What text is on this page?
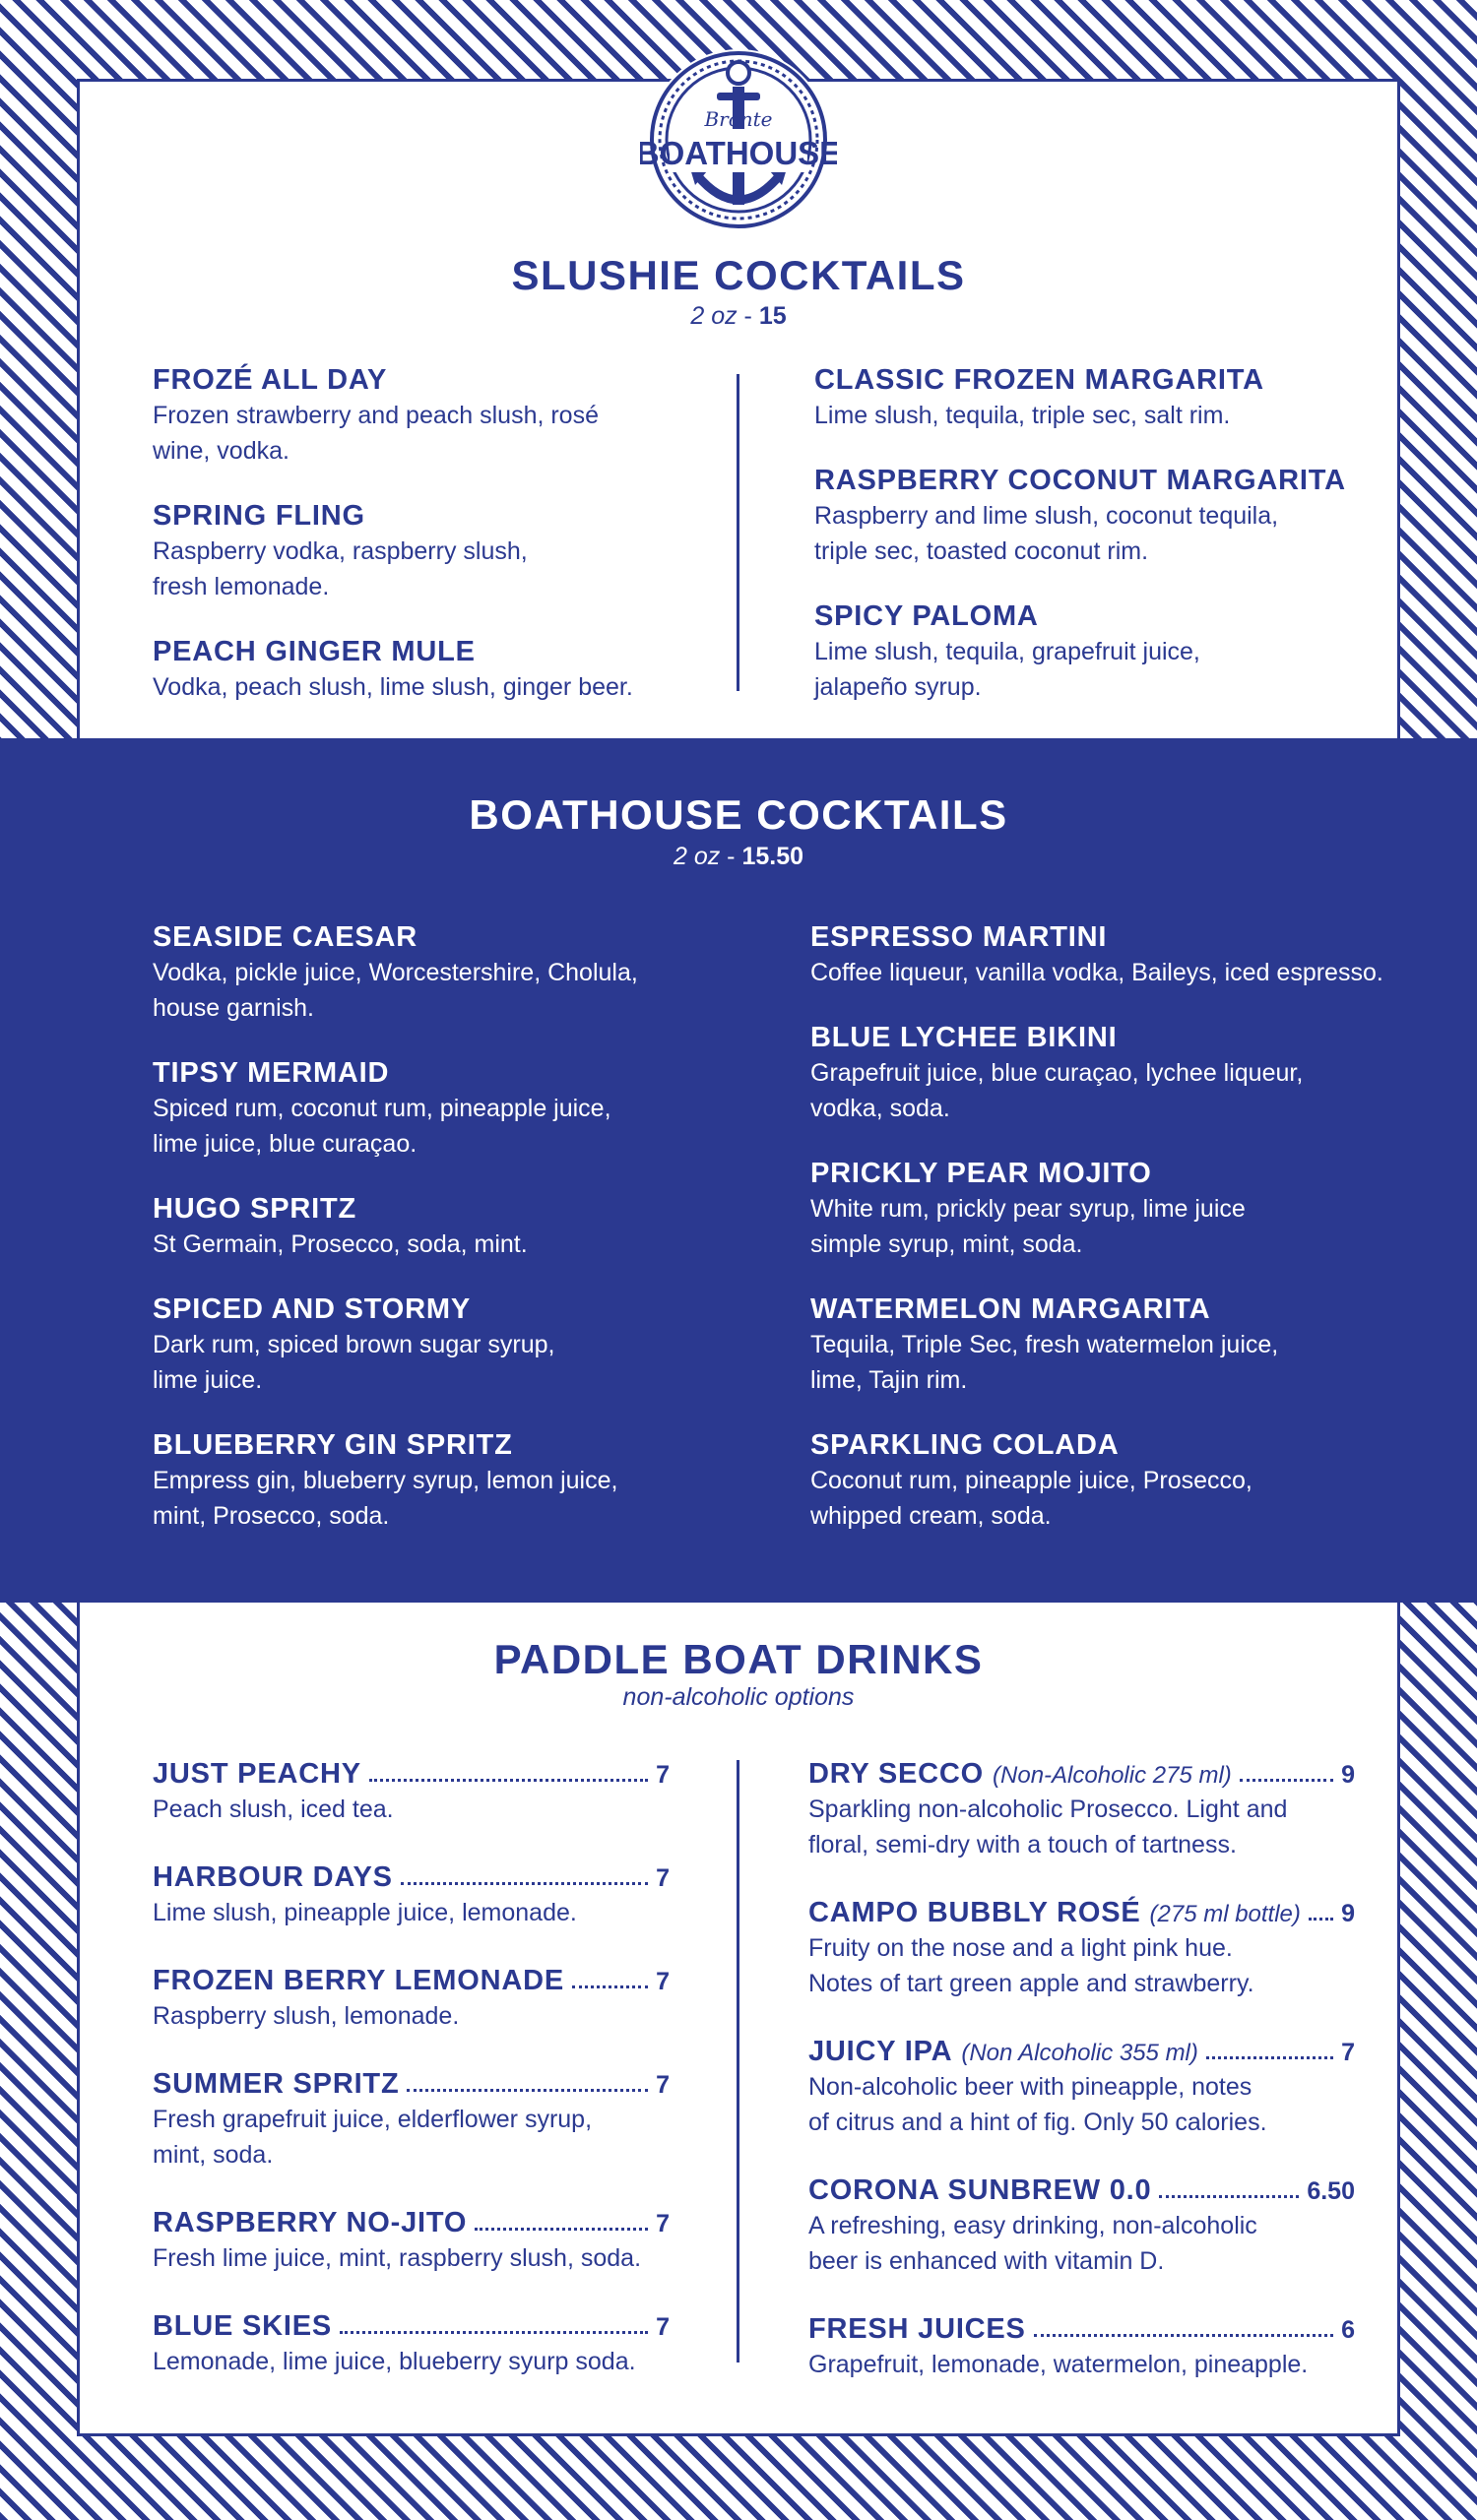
Bronte
BOATHOUSE
SLUSHIE COCKTAILS
2 oz - 15
FROZÉ ALL DAY
Frozen strawberry and peach slush, rosé
wine, vodka.
SPRING FLING
Raspberry vodka, raspberry slush,
fresh lemonade.
PEACH GINGER MULE
Vodka, peach slush, lime slush, ginger beer.
CLASSIC FROZEN MARGARITA
Lime slush, tequila, triple sec, salt rim.
RASPBERRY COCONUT MARGARITA
Raspberry and lime slush, coconut tequila,
triple sec, toasted coconut rim.
SPICY PALOMA
Lime slush, tequila, grapefruit juice,
jalapeño syrup.
BOATHOUSE COCKTAILS
2 oz - 15.50
SEASIDE CAESAR
Vodka, pickle juice, Worcestershire, Cholula,
house garnish.
TIPSY MERMAID
Spiced rum, coconut rum, pineapple juice,
lime juice, blue curaçao.
HUGO SPRITZ
St Germain, Prosecco, soda, mint.
SPICED AND STORMY
Dark rum, spiced brown sugar syrup,
lime juice.
BLUEBERRY GIN SPRITZ
Empress gin, blueberry syrup, lemon juice,
mint, Prosecco, soda.
ESPRESSO MARTINI
Coffee liqueur, vanilla vodka, Baileys, iced espresso.
BLUE LYCHEE BIKINI
Grapefruit juice, blue curaçao, lychee liqueur,
vodka, soda.
PRICKLY PEAR MOJITO
White rum, prickly pear syrup, lime juice
simple syrup, mint, soda.
WATERMELON MARGARITA
Tequila, Triple Sec, fresh watermelon juice,
lime, Tajin rim.
SPARKLING COLADA
Coconut rum, pineapple juice, Prosecco,
whipped cream, soda.
PADDLE BOAT DRINKS
non-alcoholic options
JUST PEACHY	7
Peach slush, iced tea.
HARBOUR DAYS	7
Lime slush, pineapple juice, lemonade.
FROZEN BERRY LEMONADE	7
Raspberry slush, lemonade.
SUMMER SPRITZ	7
Fresh grapefruit juice, elderflower syrup,
mint, soda.
RASPBERRY NO-JITO	7
Fresh lime juice, mint, raspberry slush, soda.
BLUE SKIES	7
Lemonade, lime juice, blueberry syurp soda.
DRY SECCO (Non-Alcoholic 275 ml)	9
Sparkling non-alcoholic Prosecco. Light and
floral, semi-dry with a touch of tartness.
CAMPO BUBBLY ROSÉ (275 ml bottle) 9
Fruity on the nose and a light pink hue.
Notes of tart green apple and strawberry.
JUICY IPA (Non Alcoholic 355 ml)	7
Non-alcoholic beer with pineapple, notes
of citrus and a hint of fig. Only 50 calories.
CORONA SUNBREW 0.0	6.50
A refreshing, easy drinking, non-alcoholic
beer is enhanced with vitamin D.
FRESH JUICES	6
Grapefruit, lemonade, watermelon, pineapple.
